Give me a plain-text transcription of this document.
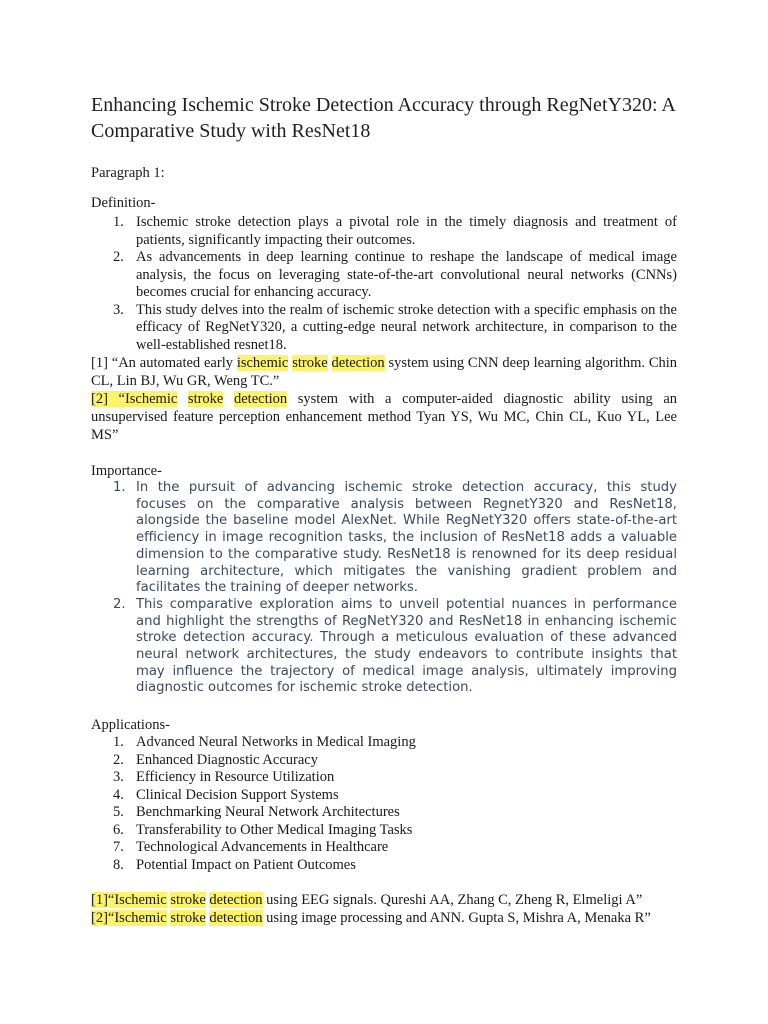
Enhancing Ischemic Stroke Detection Accuracy through RegNetY320: A Comparative Study with ResNet18
Paragraph 1:
Definition-
1. Ischemic stroke detection plays a pivotal role in the timely diagnosis and treatment of patients, significantly impacting their outcomes.
2. As advancements in deep learning continue to reshape the landscape of medical image analysis, the focus on leveraging state-of-the-art convolutional neural networks (CNNs) becomes crucial for enhancing accuracy.
3. This study delves into the realm of ischemic stroke detection with a specific emphasis on the efficacy of RegNetY320, a cutting-edge neural network architecture, in comparison to the well-established resnet18.
[1] “An automated early ischemic stroke detection system using CNN deep learning algorithm. Chin CL, Lin BJ, Wu GR, Weng TC.”
[2] “Ischemic stroke detection system with a computer-aided diagnostic ability using an unsupervised feature perception enhancement method Tyan YS, Wu MC, Chin CL, Kuo YL, Lee MS”
Importance-
1. In the pursuit of advancing ischemic stroke detection accuracy, this study focuses on the comparative analysis between RegnetY320 and ResNet18, alongside the baseline model AlexNet. While RegNetY320 offers state-of-the-art efficiency in image recognition tasks, the inclusion of ResNet18 adds a valuable dimension to the comparative study. ResNet18 is renowned for its deep residual learning architecture, which mitigates the vanishing gradient problem and facilitates the training of deeper networks.
2. This comparative exploration aims to unveil potential nuances in performance and highlight the strengths of RegNetY320 and ResNet18 in enhancing ischemic stroke detection accuracy. Through a meticulous evaluation of these advanced neural network architectures, the study endeavors to contribute insights that may influence the trajectory of medical image analysis, ultimately improving diagnostic outcomes for ischemic stroke detection.
Applications-
1. Advanced Neural Networks in Medical Imaging
2. Enhanced Diagnostic Accuracy
3. Efficiency in Resource Utilization
4. Clinical Decision Support Systems
5. Benchmarking Neural Network Architectures
6. Transferability to Other Medical Imaging Tasks
7. Technological Advancements in Healthcare
8. Potential Impact on Patient Outcomes
[1]“Ischemic stroke detection using EEG signals. Qureshi AA, Zhang C, Zheng R, Elmeligi A”
[2]“Ischemic stroke detection using image processing and ANN. Gupta S, Mishra A, Menaka R”
